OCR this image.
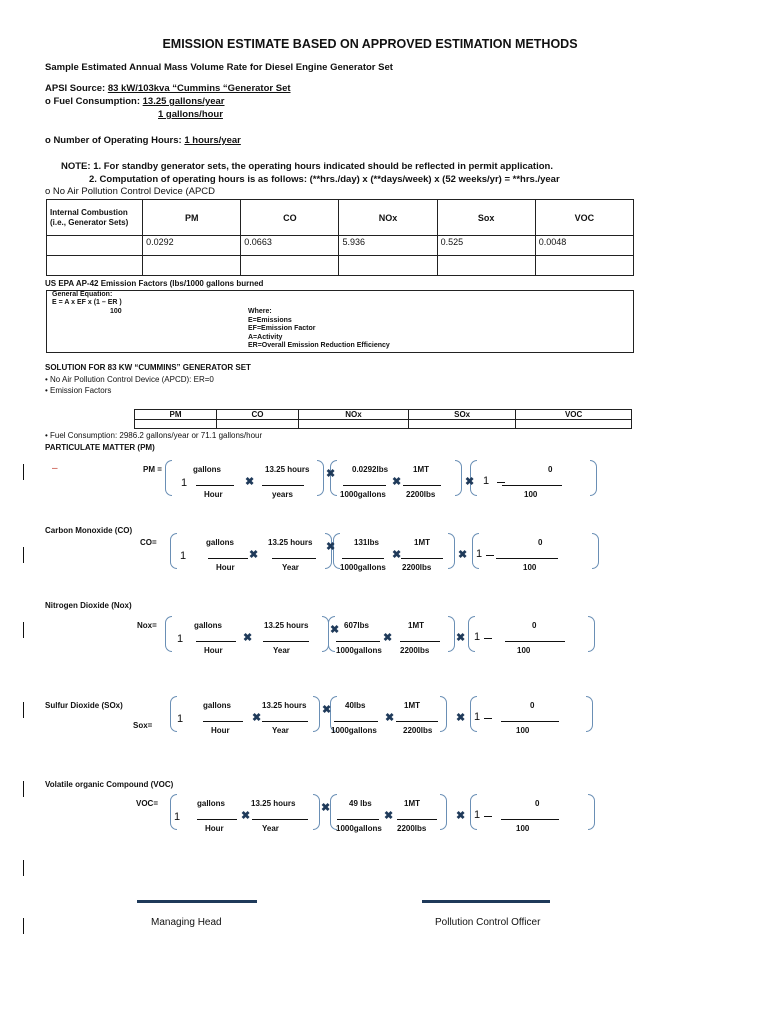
EMISSION ESTIMATE BASED ON APPROVED ESTIMATION METHODS
Sample Estimated Annual Mass Volume Rate for Diesel Engine Generator Set
APSI Source: 83 kW/103kva “Cummins “Generator Set
o Fuel Consumption: 13.25 gallons/year
1 gallons/hour
o Number of Operating Hours: 1 hours/year
NOTE: 1. For standby generator sets, the operating hours indicated should be reflected in permit application.
2. Computation of operating hours is as follows: (**hrs./day) x (**days/week) x (52 weeks/yr) = **hrs./year
o No Air Pollution Control Device (APCD
Internal Combustion (i.e., Generator Sets)	PM	CO	NOx	Sox	VOC
	0.0292	0.0663	5.936	0.525	0.0048

US EPA AP-42 Emission Factors (lbs/1000 gallons burned
General Equation:
E = A x EF x (1 – ER )
100	Where:
E=Emissions
EF=Emission Factor
A=Activity
ER=Overall Emission Reduction Efficiency
SOLUTION FOR 83 KW “CUMMINS” GENERATOR SET
• No Air Pollution Control Device (APCD): ER=0
• Emission Factors
PM	CO	NOx	SOx	VOC

• Fuel Consumption: 2986.2 gallons/year or 71.1 gallons/hour
PARTICULATE MATTER (PM)
PM =
–
1
gallons
Hour
✖
13.25 hours
years
✖ 0.0292lbs
1000gallons
✖
1MT
2200lbs
✖ 1
0
100
Carbon Monoxide (CO)
CO=
1
gallons
Hour
✖
13.25 hours
Year
✖ 131lbs
1000gallons
✖
1MT
2200lbs
✖ 1
0
100
Nitrogen Dioxide (Nox)
Nox=
1
gallons
Hour
✖
13.25 hours
Year
✖ 607lbs
1000gallons
✖
1MT
2200lbs
✖ 1
0
100
Sulfur Dioxide (SOx)
Sox=
1
gallons
Hour
✖
13.25 hours
Year
✖ 40lbs
1000gallons
✖
1MT
2200lbs
✖ 1
0
100
Volatile organic Compound (VOC)
VOC=
1
gallons
Hour
✖
13.25 hours
Year
✖ 49 lbs
1000gallons
✖
1MT
2200lbs
✖ 1
0
100
Managing Head	Pollution Control Officer
